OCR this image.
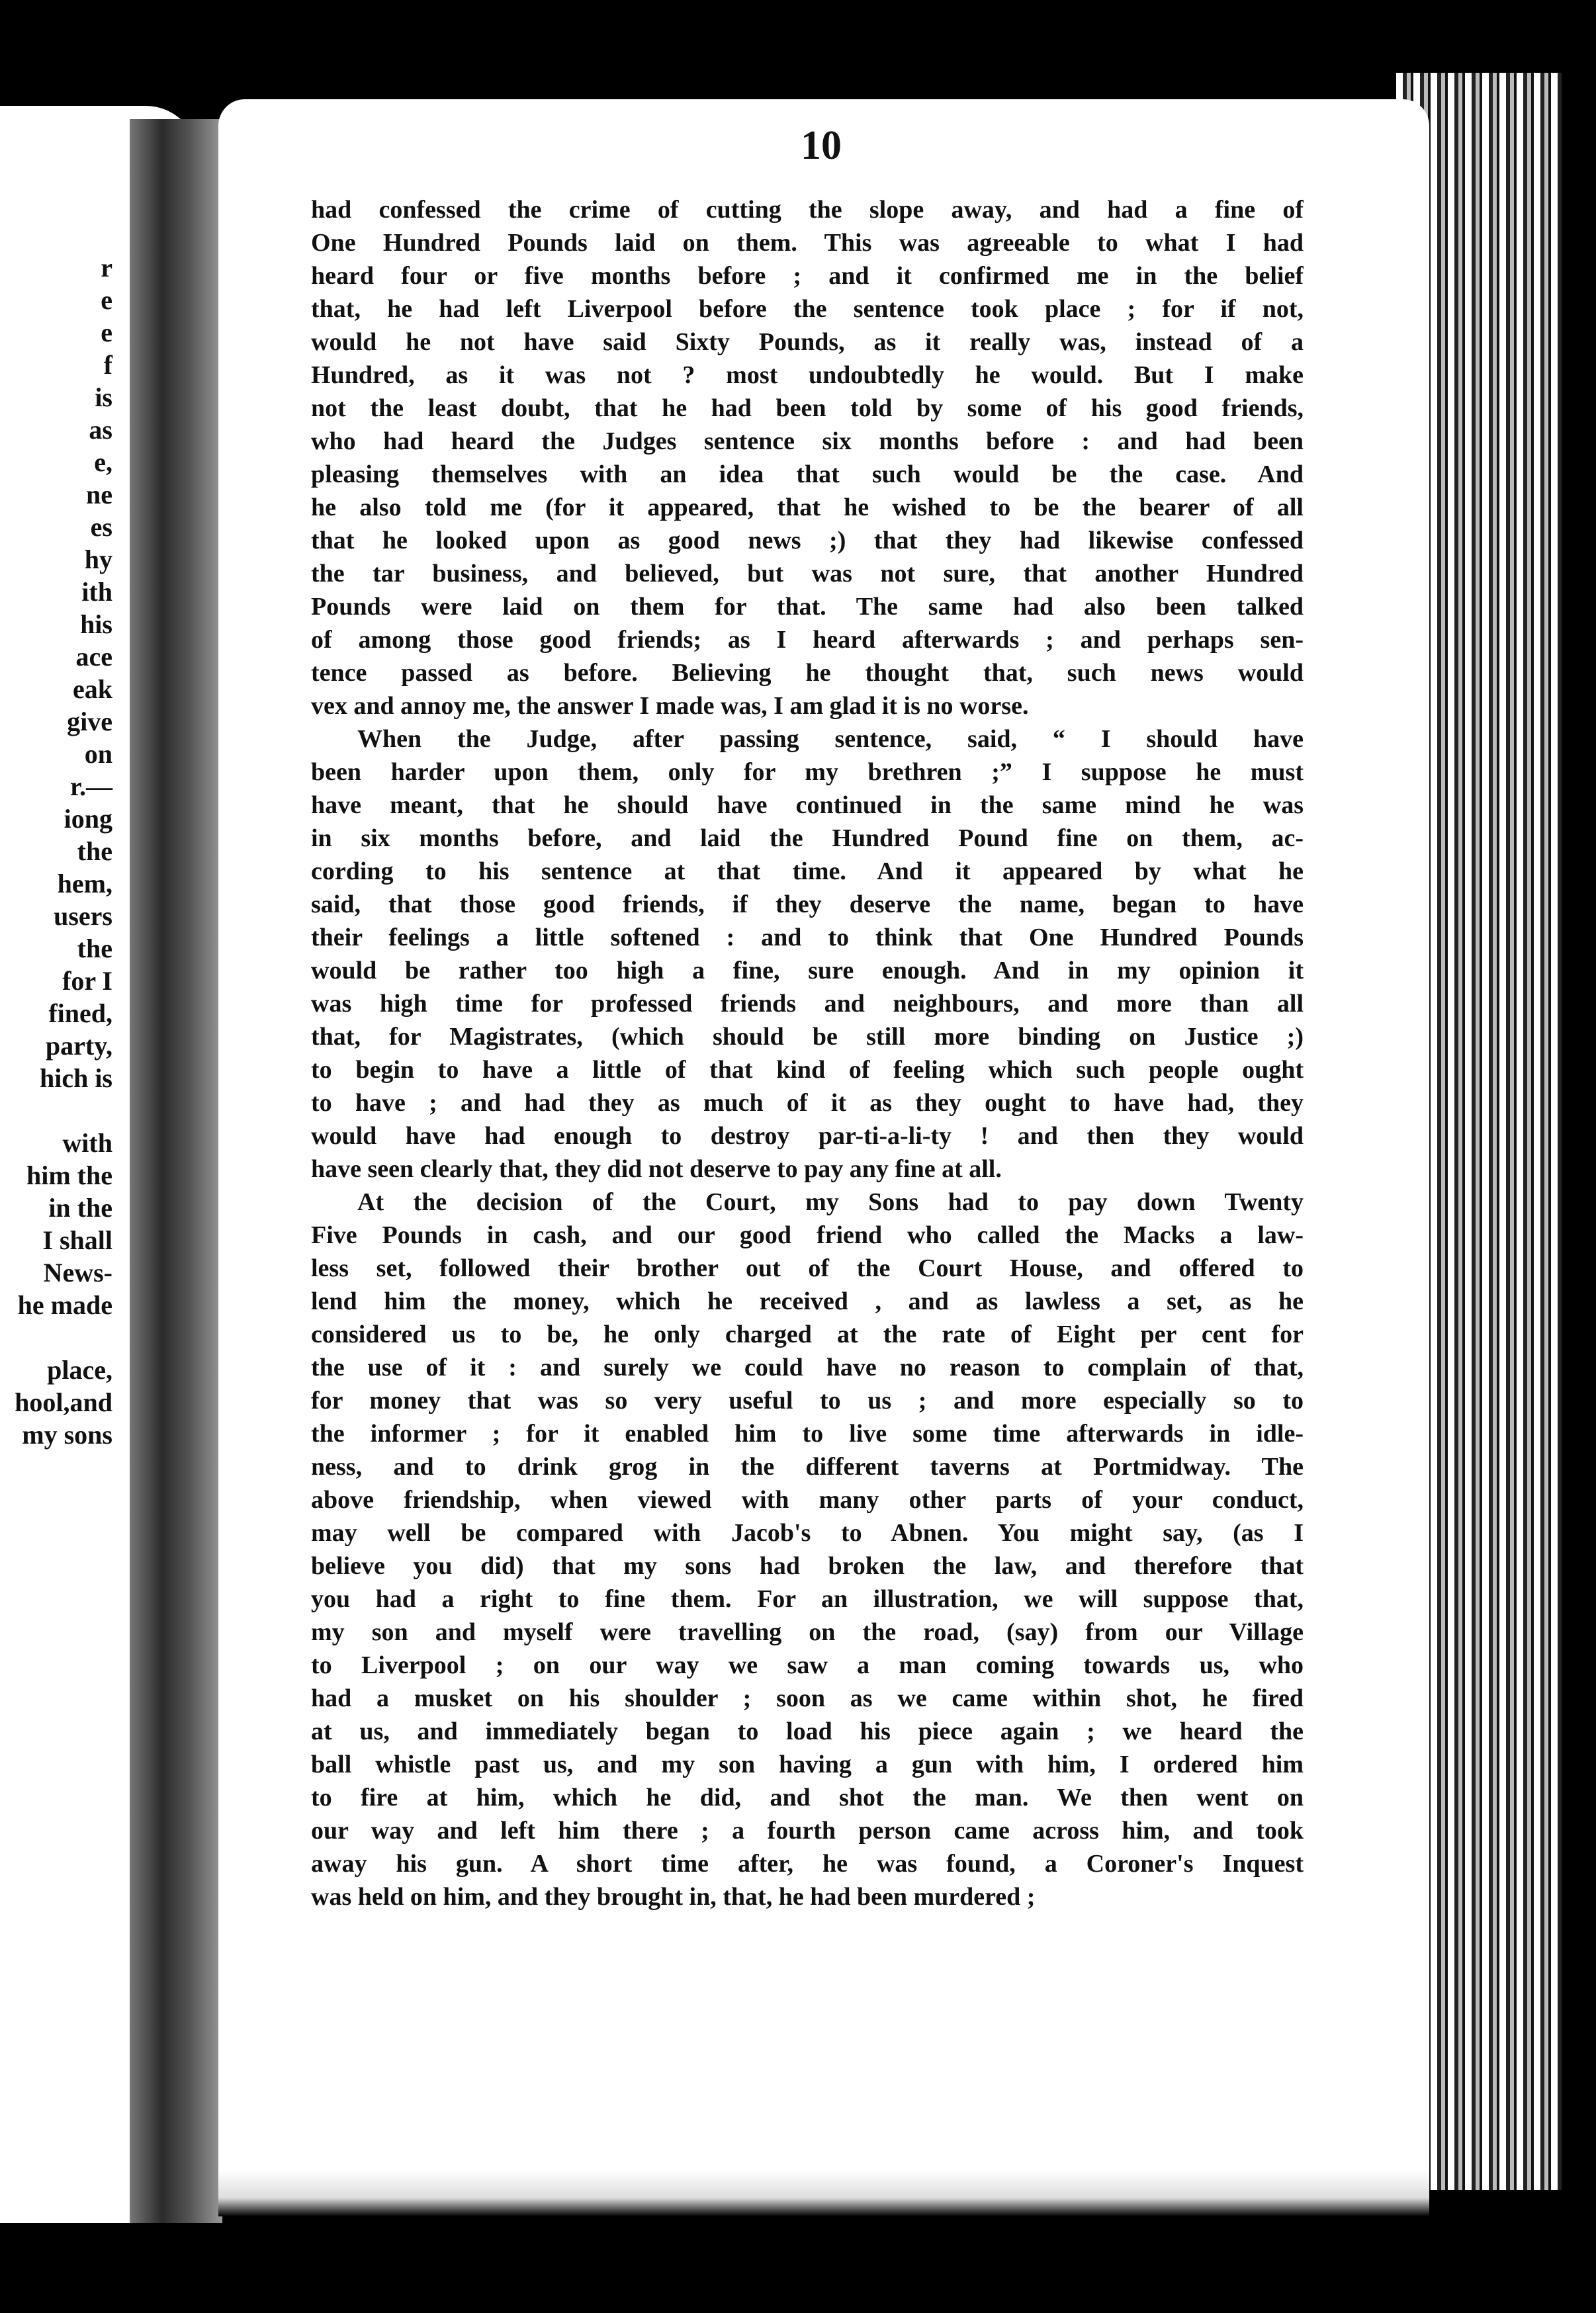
r
e
e
f
is
as
e,
ne
es
hy
ith
his
ace
eak
give
on
r.—
iong
the
hem,
users
the
for I
fined,
party,
hich is
with
him the
in the
I shall
News-
he made
place,
hool,and
my sons
10
had confessed the crime of cutting the slope away, and had a fine of
One Hundred Pounds laid on them. This was agreeable to what I had
heard four or five months before ; and it confirmed me in the belief
that, he had left Liverpool before the sentence took place ; for if not,
would he not have said Sixty Pounds, as it really was, instead of a
Hundred, as it was not ? most undoubtedly he would. But I make
not the least doubt, that he had been told by some of his good friends,
who had heard the Judges sentence six months before : and had been
pleasing themselves with an idea that such would be the case. And
he also told me (for it appeared, that he wished to be the bearer of all
that he looked upon as good news ;) that they had likewise confessed
the tar business, and believed, but was not sure, that another Hundred
Pounds were laid on them for that. The same had also been talked
of among those good friends; as I heard afterwards ; and perhaps sen-
tence passed as before. Believing he thought that, such news would
vex and annoy me, the answer I made was, I am glad it is no worse.
When the Judge, after passing sentence, said, “ I should have
been harder upon them, only for my brethren ;” I suppose he must
have meant, that he should have continued in the same mind he was
in six months before, and laid the Hundred Pound fine on them, ac-
cording to his sentence at that time. And it appeared by what he
said, that those good friends, if they deserve the name, began to have
their feelings a little softened : and to think that One Hundred Pounds
would be rather too high a fine, sure enough. And in my opinion it
was high time for professed friends and neighbours, and more than all
that, for Magistrates, (which should be still more binding on Justice ;)
to begin to have a little of that kind of feeling which such people ought
to have ; and had they as much of it as they ought to have had, they
would have had enough to destroy par-ti-a-li-ty ! and then they would
have seen clearly that, they did not deserve to pay any fine at all.
At the decision of the Court, my Sons had to pay down Twenty
Five Pounds in cash, and our good friend who called the Macks a law-
less set, followed their brother out of the Court House, and offered to
lend him the money, which he received , and as lawless a set, as he
considered us to be, he only charged at the rate of Eight per cent for
the use of it : and surely we could have no reason to complain of that,
for money that was so very useful to us ; and more especially so to
the informer ; for it enabled him to live some time afterwards in idle-
ness, and to drink grog in the different taverns at Portmidway. The
above friendship, when viewed with many other parts of your conduct,
may well be compared with Jacob's to Abnen. You might say, (as I
believe you did) that my sons had broken the law, and therefore that
you had a right to fine them. For an illustration, we will suppose that,
my son and myself were travelling on the road, (say) from our Village
to Liverpool ; on our way we saw a man coming towards us, who
had a musket on his shoulder ; soon as we came within shot, he fired
at us, and immediately began to load his piece again ; we heard the
ball whistle past us, and my son having a gun with him, I ordered him
to fire at him, which he did, and shot the man. We then went on
our way and left him there ; a fourth person came across him, and took
away his gun. A short time after, he was found, a Coroner's Inquest
was held on him, and they brought in, that, he had been murdered ;
